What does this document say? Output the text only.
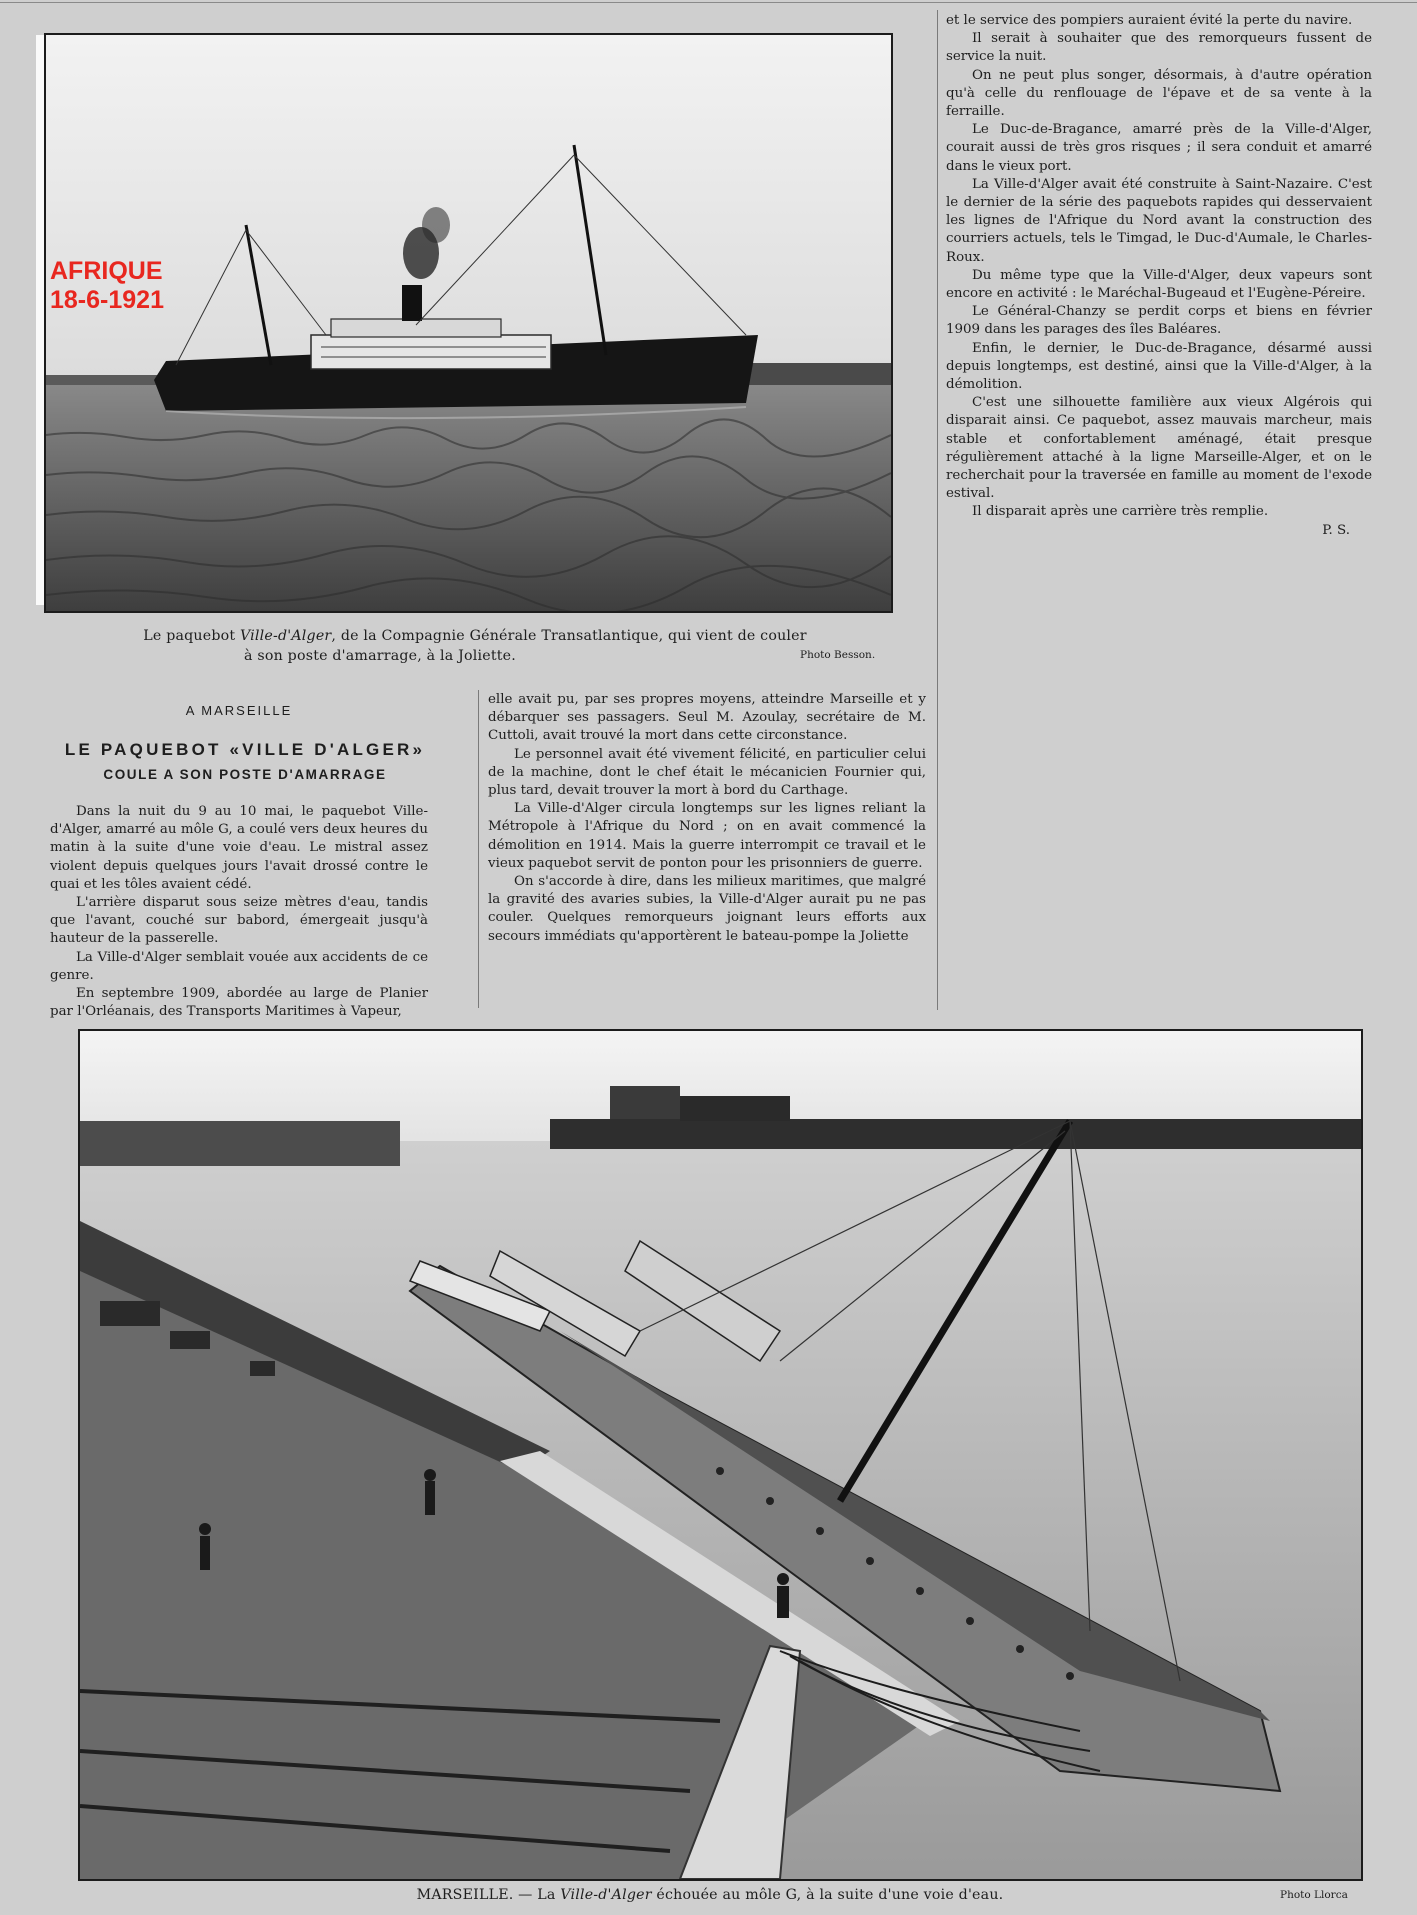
AFRIQUE
18-6-1921
Le paquebot Ville-d'Alger, de la Compagnie Générale Transatlantique, qui vient de couler
à son poste d'amarrage, à la Joliette.	Photo Besson.
A MARSEILLE
LE PAQUEBOT «VILLE D'ALGER»
COULE A SON POSTE D'AMARRAGE

Dans la nuit du 9 au 10 mai, le paquebot Ville-d'Alger, amarré au môle G, a coulé vers deux heures du matin à la suite d'une voie d'eau. Le mistral assez violent depuis quelques jours l'avait drossé contre le quai et les tôles avaient cédé.

L'arrière disparut sous seize mètres d'eau, tandis que l'avant, couché sur babord, émergeait jusqu'à hauteur de la passerelle.

La Ville-d'Alger semblait vouée aux accidents de ce genre.

En septembre 1909, abordée au large de Planier par l'Orléanais, des Transports Maritimes à Vapeur,

elle avait pu, par ses propres moyens, atteindre Marseille et y débarquer ses passagers. Seul M. Azoulay, secrétaire de M. Cuttoli, avait trouvé la mort dans cette circonstance.

Le personnel avait été vivement félicité, en particulier celui de la machine, dont le chef était le mécanicien Fournier qui, plus tard, devait trouver la mort à bord du Carthage.

La Ville-d'Alger circula longtemps sur les lignes reliant la Métropole à l'Afrique du Nord ; on en avait commencé la démolition en 1914. Mais la guerre interrompit ce travail et le vieux paquebot servit de ponton pour les prisonniers de guerre.

On s'accorde à dire, dans les milieux maritimes, que malgré la gravité des avaries subies, la Ville-d'Alger aurait pu ne pas couler. Quelques remorqueurs joignant leurs efforts aux secours immédiats qu'apportèrent le bateau-pompe la Joliette

et le service des pompiers auraient évité la perte du navire.

Il serait à souhaiter que des remorqueurs fussent de service la nuit.

On ne peut plus songer, désormais, à d'autre opération qu'à celle du renflouage de l'épave et de sa vente à la ferraille.

Le Duc-de-Bragance, amarré près de la Ville-d'Alger, courait aussi de très gros risques ; il sera conduit et amarré dans le vieux port.

La Ville-d'Alger avait été construite à Saint-Nazaire. C'est le dernier de la série des paquebots rapides qui desservaient les lignes de l'Afrique du Nord avant la construction des courriers actuels, tels le Timgad, le Duc-d'Aumale, le Charles-Roux.

Du même type que la Ville-d'Alger, deux vapeurs sont encore en activité : le Maréchal-Bugeaud et l'Eugène-Péreire.

Le Général-Chanzy se perdit corps et biens en février 1909 dans les parages des îles Baléares.

Enfin, le dernier, le Duc-de-Bragance, désarmé aussi depuis longtemps, est destiné, ainsi que la Ville-d'Alger, à la démolition.

C'est une silhouette familière aux vieux Algérois qui disparait ainsi. Ce paquebot, assez mauvais marcheur, mais stable et confortablement aménagé, était presque régulièrement attaché à la ligne Marseille-Alger, et on le recherchait pour la traversée en famille au moment de l'exode estival.

Il disparait après une carrière très remplie.

P. S.

MARSEILLE. — La Ville-d'Alger échouée au môle G, à la suite d'une voie d'eau.	Photo Llorca
